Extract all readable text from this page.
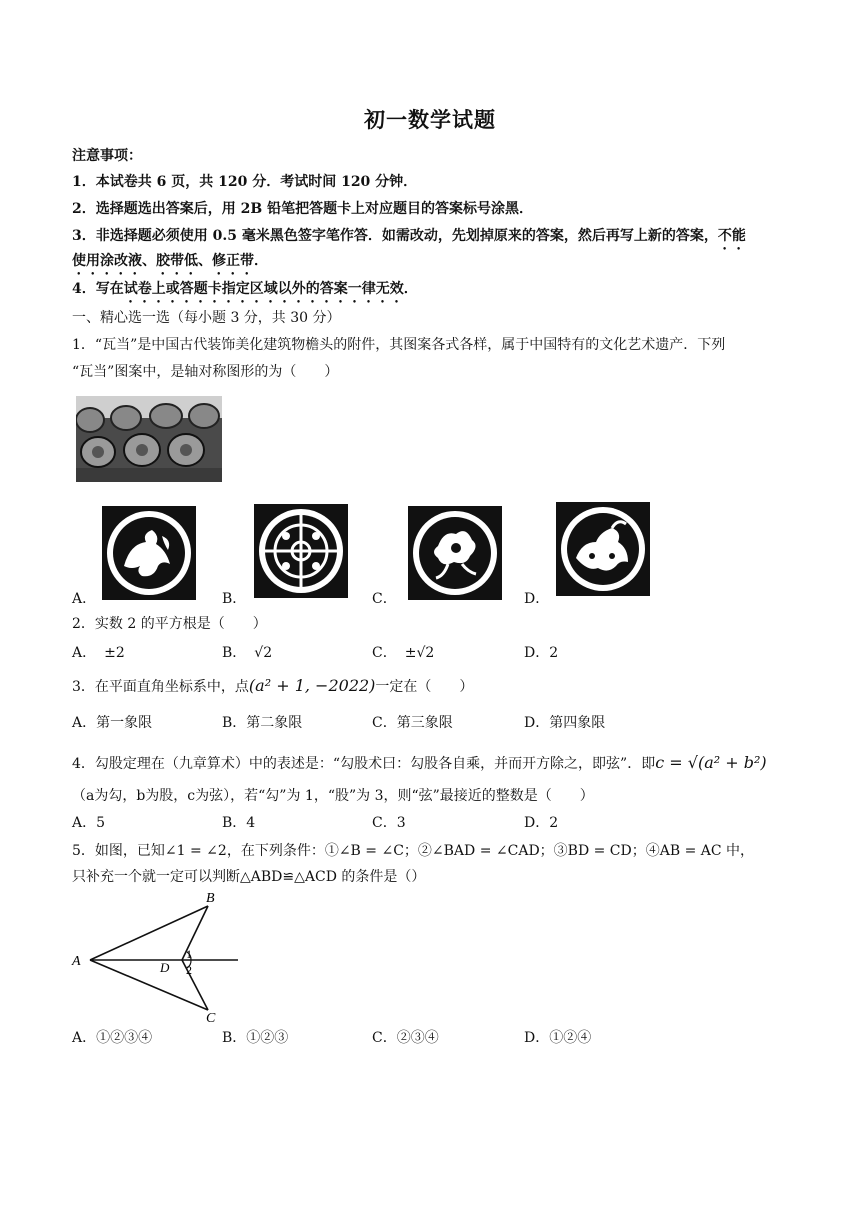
初一数学试题
注意事项：
1．本试卷共 6 页，共 120 分．考试时间 120 分钟．
2．选择题选出答案后，用 2B 铅笔把答题卡上对应题目的答案标号涂黑．
3．非选择题必须使用 0.5 毫米黑色签字笔作答．如需改动，先划掉原来的答案，然后再写上新的答案，不能
使用涂改液、胶带低、修正带．
4．写在试卷上或答题卡指定区域以外的答案一律无效．
一、精心选一选（每小题 3 分，共 30 分）
1．“瓦当”是中国古代装饰美化建筑物檐头的附件，其图案各式各样，属于中国特有的文化艺术遗产．下列
“瓦当”图案中，是轴对称图形的为（　　）
A．	B．	C．	D．
2．实数 2 的平方根是（　　）
A． ±2	B． √2	C． ±√2	D．2
3．在平面直角坐标系中，点(a² + 1, −2022)一定在（　　）
A．第一象限	B．第二象限	C．第三象限	D．第四象限
4．勾股定理在（九章算术）中的表述是：“勾股术曰：勾股各自乘，并而开方除之，即弦”．即c = √(a² + b²)
（a为勾，b为股，c为弦），若“勾”为 1，“股”为 3，则“弦”最接近的整数是（　　）
A．5	B．4	C．3	D．2
5．如图，已知∠1 = ∠2，在下列条件：①∠B = ∠C；②∠BAD = ∠CAD；③BD = CD；④AB = AC 中，
只补充一个就一定可以判断△ABD≌△ACD 的条件是（）
A
B
C
D
1
2
A．①②③④	B．①②③	C．②③④	D．①②④
